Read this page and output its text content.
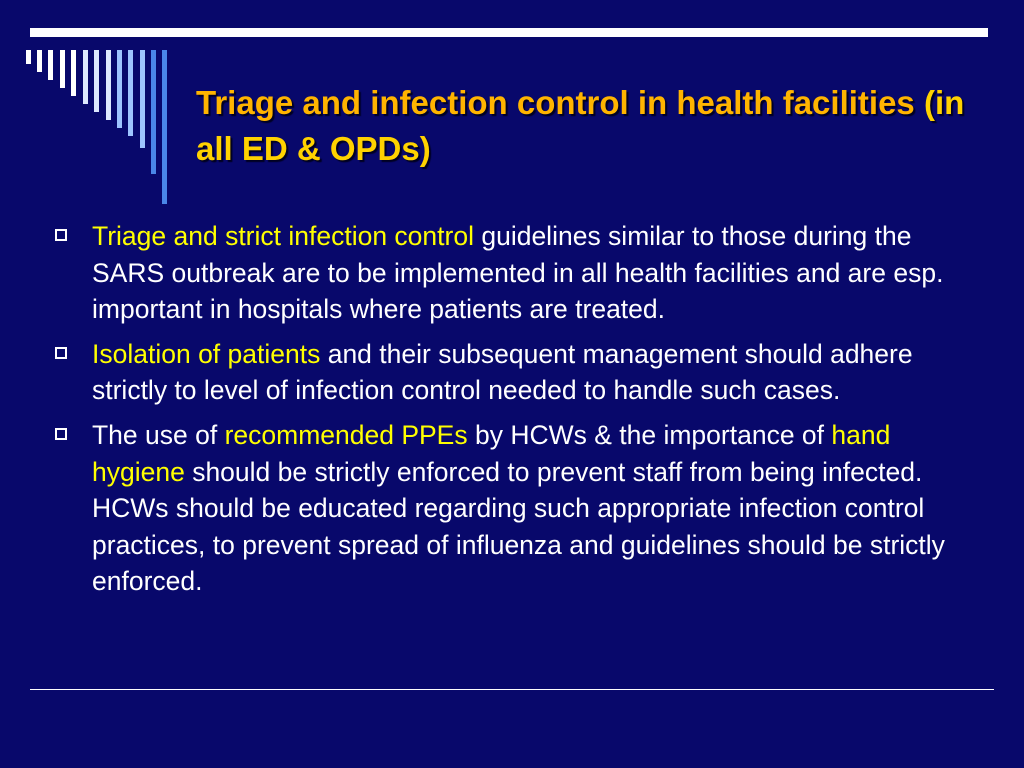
Triage and infection control in health facilities (in all ED & OPDs)
Triage and strict infection control guidelines similar to those during the SARS outbreak are to be implemented in all health facilities and are esp. important in hospitals where patients are treated.
Isolation of patients and their subsequent management should adhere strictly to level of infection control needed to handle such cases.
The use of recommended PPEs by HCWs & the importance of hand hygiene should be strictly enforced to prevent staff from being infected. HCWs should be educated regarding such appropriate infection control practices, to prevent spread of influenza and guidelines should be strictly enforced.
